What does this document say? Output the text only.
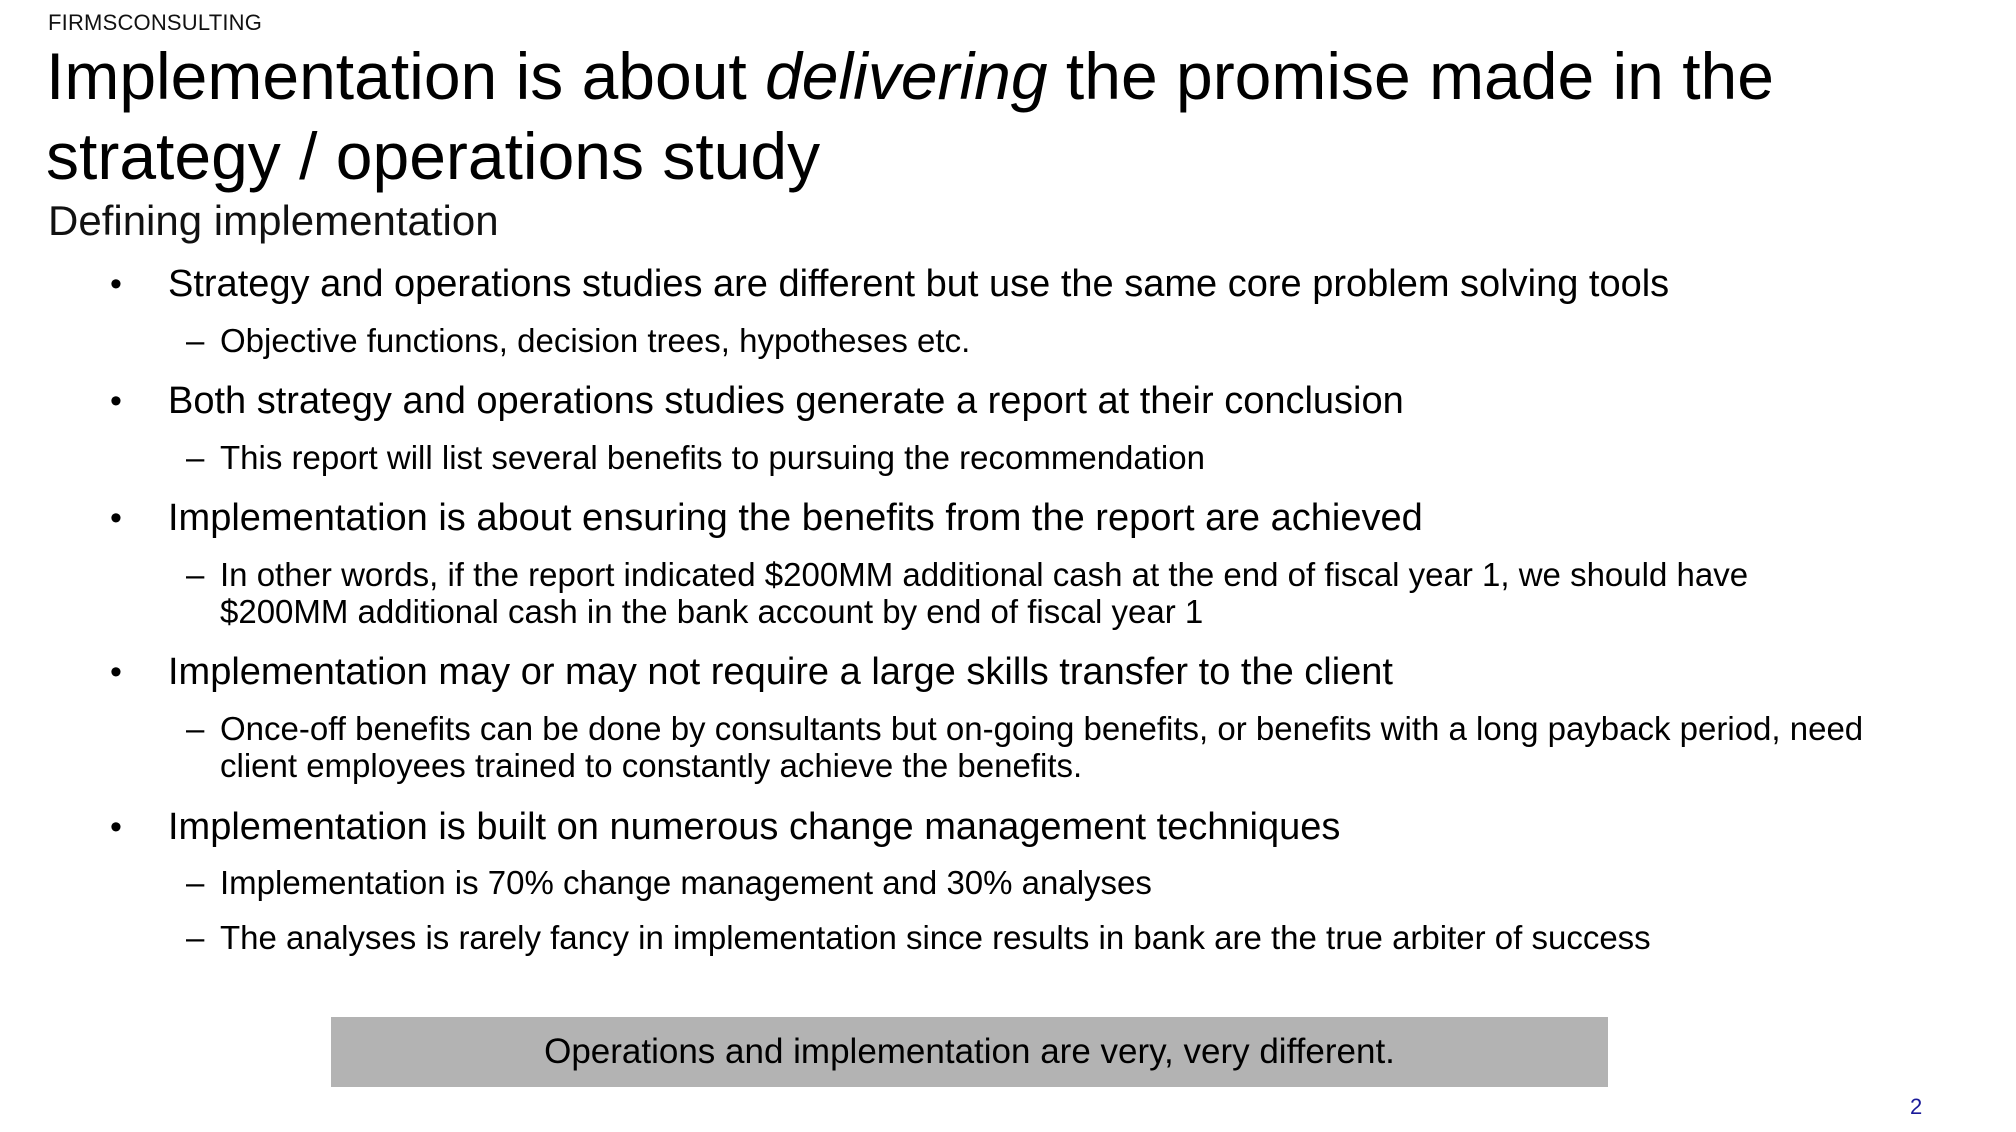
FIRMSCONSULTING
Implementation is about delivering the promise made in the strategy / operations study
Defining implementation
•	Strategy and operations studies are different but use the same core problem solving tools
– Objective functions, decision trees, hypotheses etc.
•	Both strategy and operations studies generate a report at their conclusion
– This report will list several benefits to pursuing the recommendation
•	Implementation is about ensuring the benefits from the report are achieved
– In other words, if the report indicated $200MM additional cash at the end of fiscal year 1, we should have $200MM additional cash in the bank account by end of fiscal year 1
•	Implementation may or may not require a large skills transfer to the client
– Once-off benefits can be done by consultants but on-going benefits, or benefits with a long payback period, need client employees trained to constantly achieve the benefits.
•	Implementation is built on numerous change management techniques
– Implementation is 70% change management and 30% analyses
– The analyses is rarely fancy in implementation since results in bank are the true arbiter of success
Operations and implementation are very, very different.
2
